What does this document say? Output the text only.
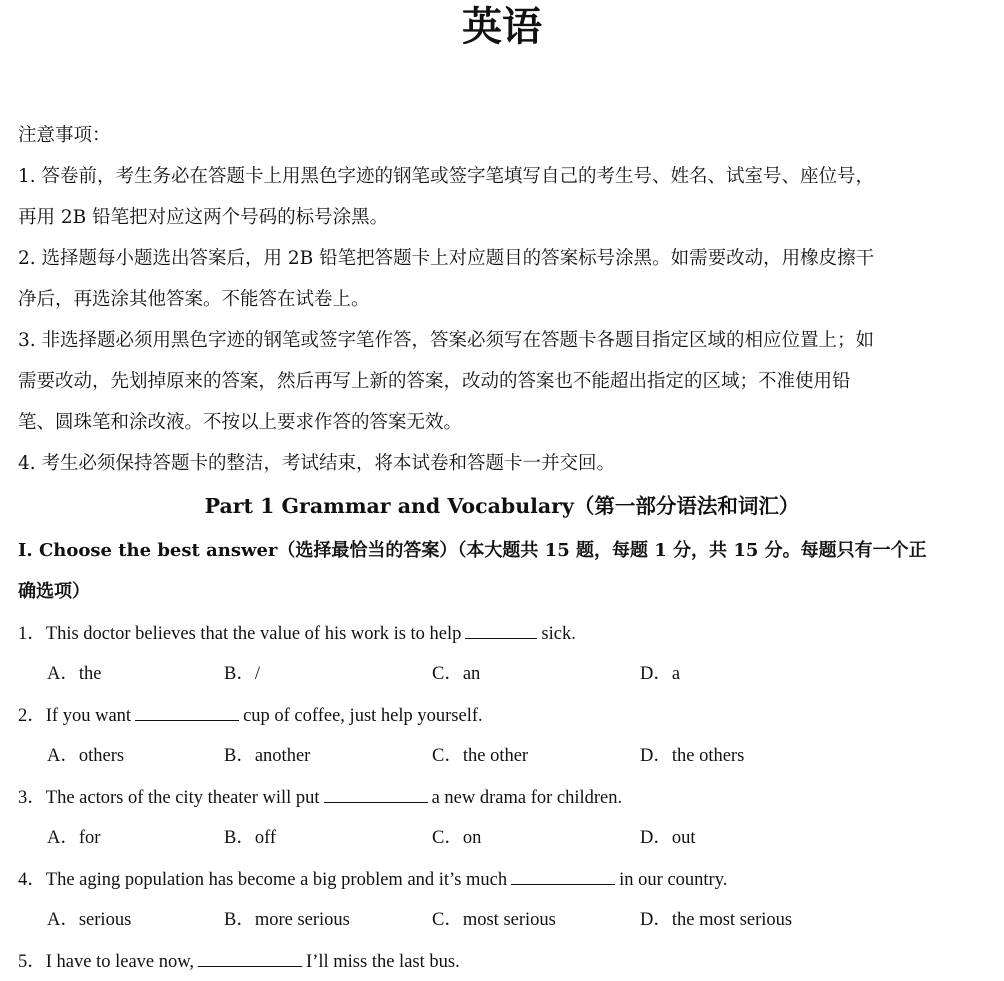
英语
注意事项：
1. 答卷前，考生务必在答题卡上用黑色字迹的钢笔或签字笔填写自己的考生号、姓名、试室号、座位号，
再用 2B 铅笔把对应这两个号码的标号涂黑。
2. 选择题每小题选出答案后，用 2B 铅笔把答题卡上对应题目的答案标号涂黑。如需要改动，用橡皮擦干
净后，再选涂其他答案。不能答在试卷上。
3. 非选择题必须用黑色字迹的钢笔或签字笔作答，答案必须写在答题卡各题目指定区域的相应位置上；如
需要改动，先划掉原来的答案，然后再写上新的答案，改动的答案也不能超出指定的区域；不准使用铅
笔、圆珠笔和涂改液。不按以上要求作答的答案无效。
4. 考生必须保持答题卡的整洁，考试结束，将本试卷和答题卡一并交回。
Part 1 Grammar and Vocabulary（第一部分语法和词汇）
I. Choose the best answer（选择最恰当的答案）（本大题共 15 题，每题 1 分，共 15 分。每题只有一个正
确选项）
1．This doctor believes that the value of his work is to help	sick.
A．the	B．/	C．an	D．a
2．If you want	cup of coffee, just help yourself.
A．others	B．another	C．the other	D．the others
3．The actors of the city theater will put	a new drama for children.
A．for	B．off	C．on	D．out
4．The aging population has become a big problem and it’s much	in our country.
A．serious	B．more serious	C．most serious	D．the most serious
5．I have to leave now,	I’ll miss the last bus.
